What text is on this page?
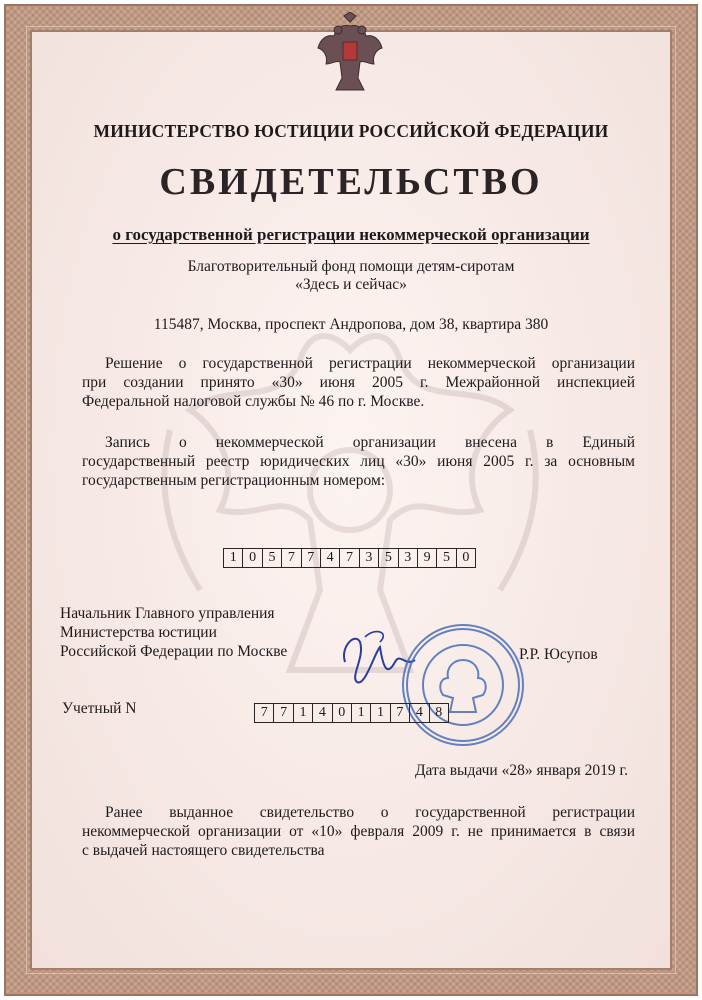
МИНИСТЕРСТВО ЮСТИЦИИ РОССИЙСКОЙ ФЕДЕРАЦИИ

СВИДЕТЕЛЬСТВО

о государственной регистрации некоммерческой организации

Благотворительный фонд помощи детям-сиротам

«Здесь и сейчас»

115487, Москва, проспект Андропова, дом 38, квартира 380

Решение о государственной регистрации некоммерческой организации

при создании принято «30» июня 2005 г. Межрайонной инспекцией

Федеральной налоговой службы № 46 по г. Москве.

Запись о некоммерческой организации внесена в Единый

государственный реестр юридических лиц «30» июня 2005 г. за основным

государственным регистрационным номером:

1 0 5 7 7 4 7 3 5 3 9 5 0
Начальник Главного управления
Министерства юстиции
Российской Федерации по Москве	Р.Р. Юсупов

Учетный N	7 7 1 4 0 1 1 7 4 8

Дата выдачи «28» января 2019 г.

Ранее выданное свидетельство о государственной регистрации

некоммерческой организации от «10» февраля 2009 г. не принимается в связи

с выдачей настоящего свидетельства
